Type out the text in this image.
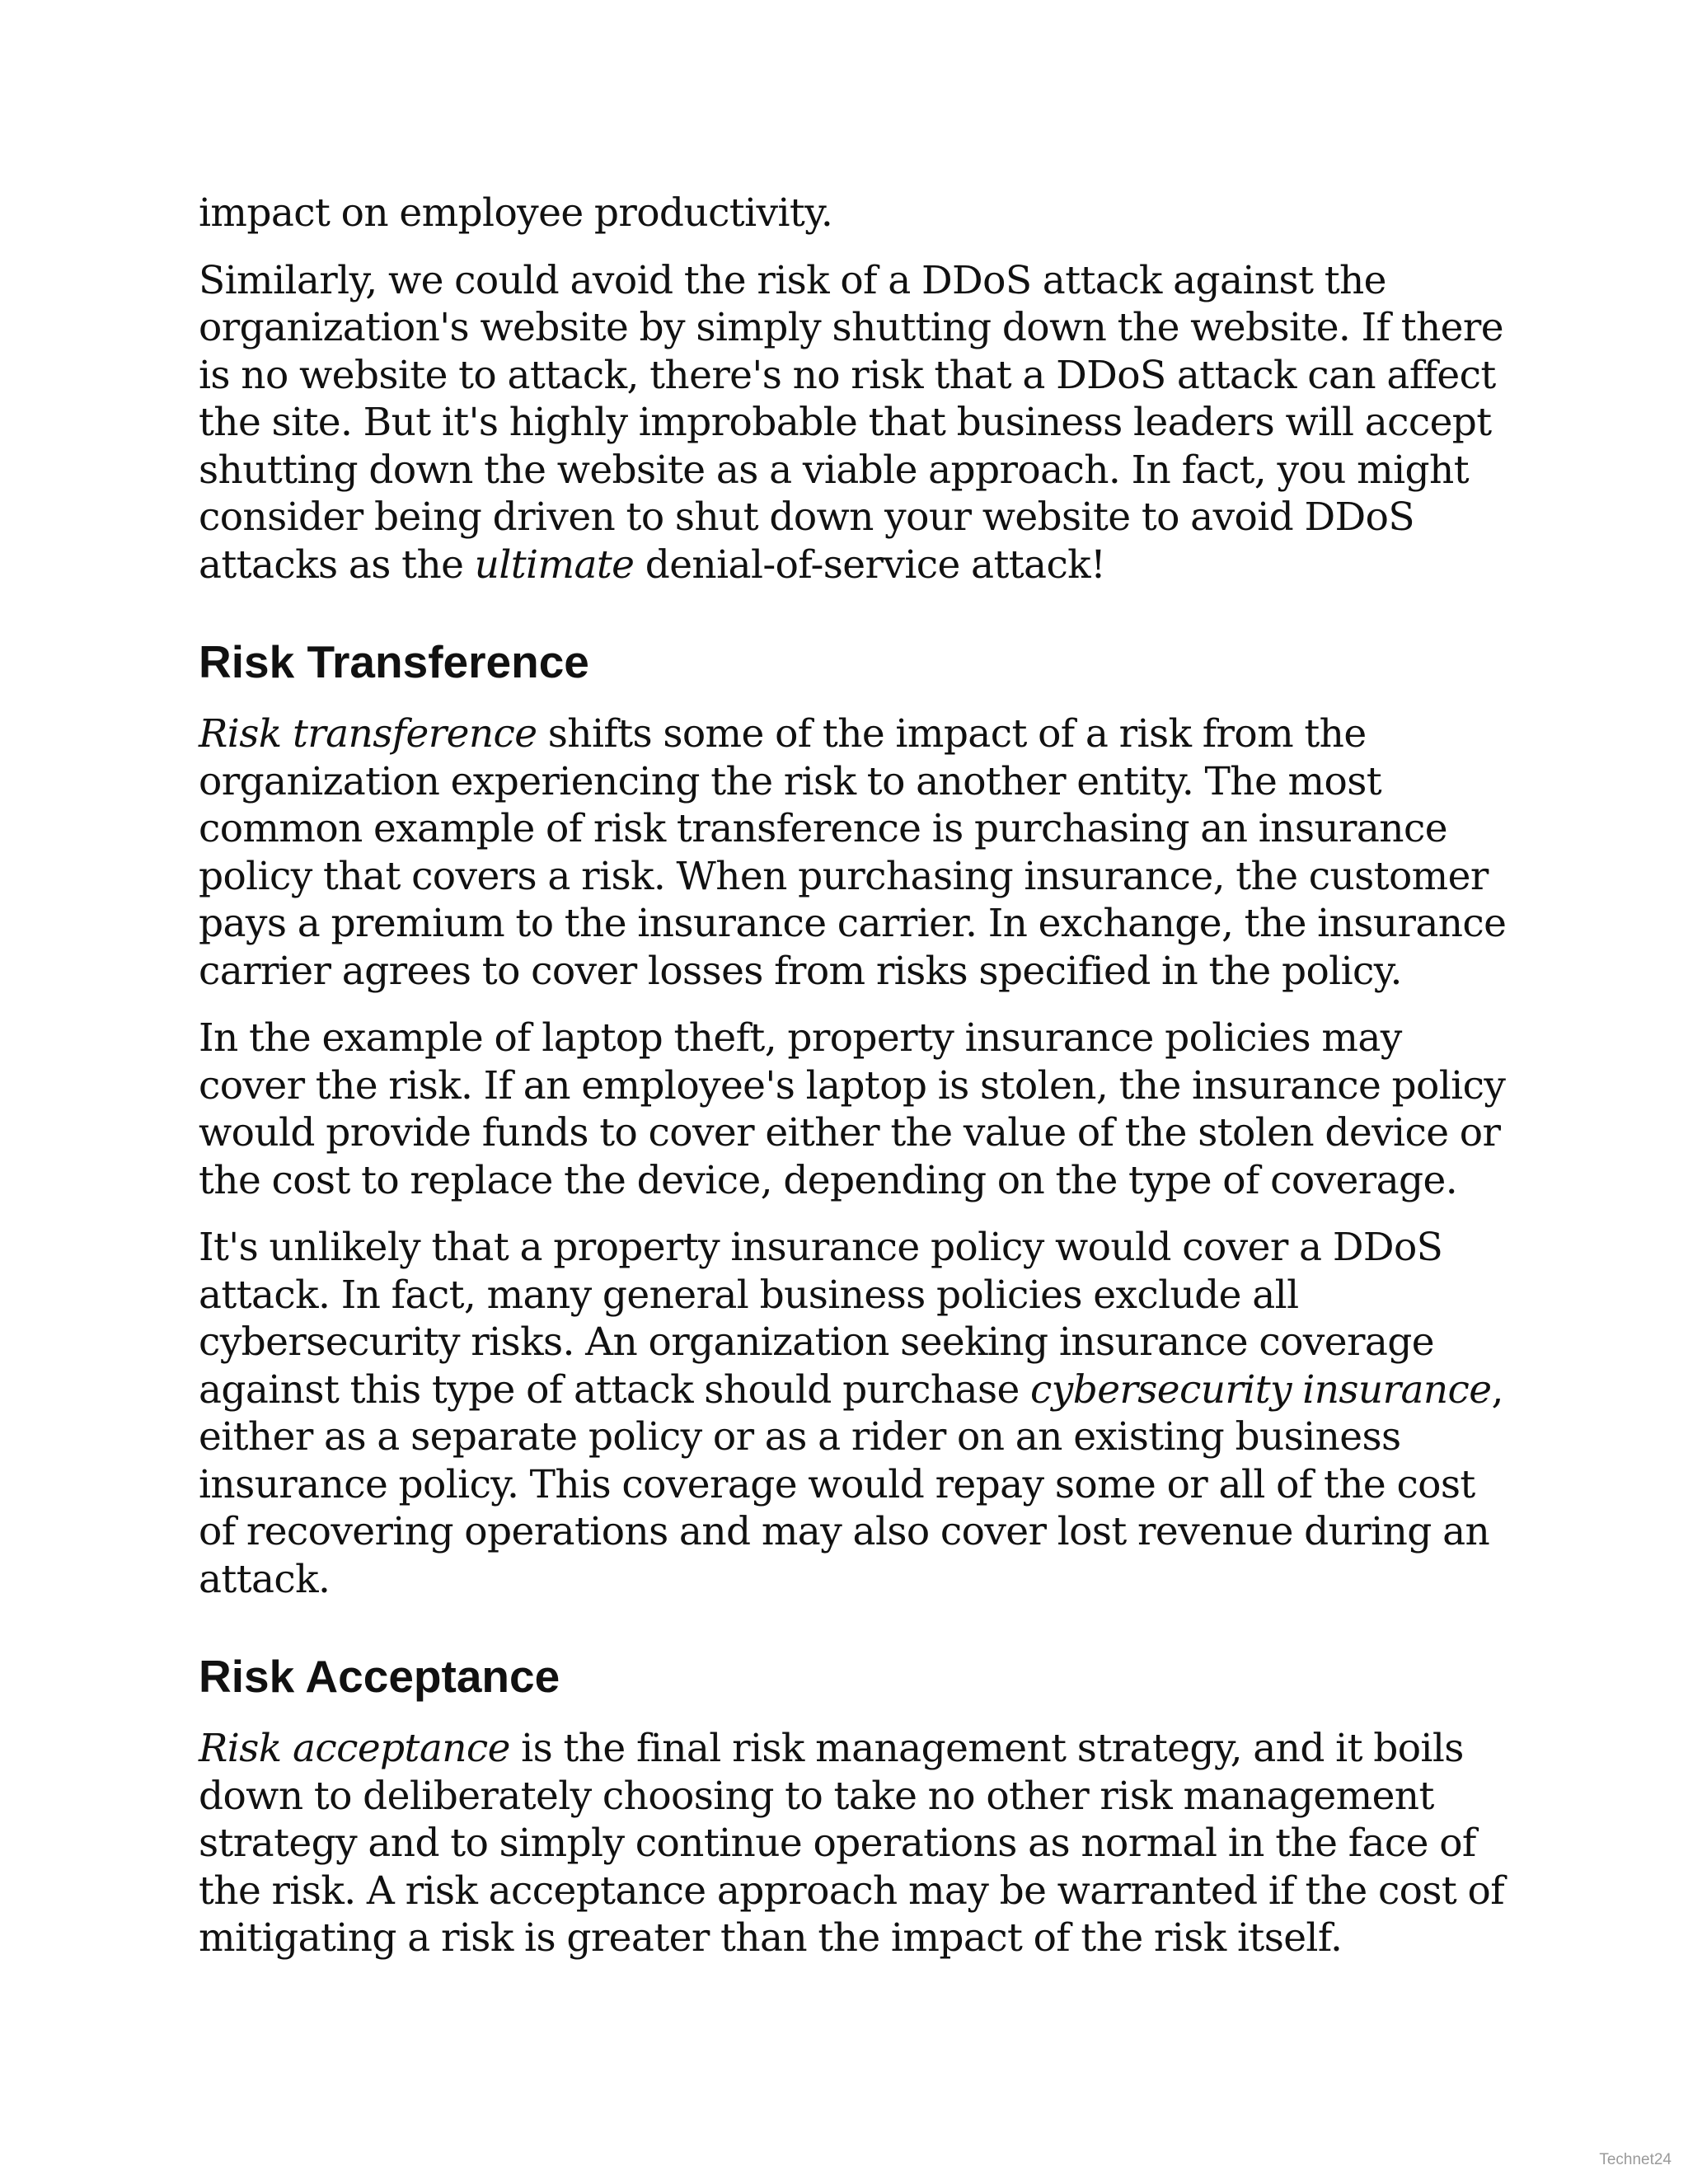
impact on employee productivity.

Similarly, we could avoid the risk of a DDoS attack against the organization's website by simply shutting down the website. If there is no website to attack, there's no risk that a DDoS attack can affect the site. But it's highly improbable that business leaders will accept shutting down the website as a viable approach. In fact, you might consider being driven to shut down your website to avoid DDoS attacks as the ultimate denial-of-service attack!

Risk Transference

Risk transference shifts some of the impact of a risk from the organization experiencing the risk to another entity. The most common example of risk transference is purchasing an insurance policy that covers a risk. When purchasing insurance, the customer pays a premium to the insurance carrier. In exchange, the insurance carrier agrees to cover losses from risks specified in the policy.

In the example of laptop theft, property insurance policies may cover the risk. If an employee's laptop is stolen, the insurance policy would provide funds to cover either the value of the stolen device or the cost to replace the device, depending on the type of coverage.

It's unlikely that a property insurance policy would cover a DDoS attack. In fact, many general business policies exclude all cybersecurity risks. An organization seeking insurance coverage against this type of attack should purchase cybersecurity insurance, either as a separate policy or as a rider on an existing business insurance policy. This coverage would repay some or all of the cost of recovering operations and may also cover lost revenue during an attack.

Risk Acceptance

Risk acceptance is the final risk management strategy, and it boils down to deliberately choosing to take no other risk management strategy and to simply continue operations as normal in the face of the risk. A risk acceptance approach may be warranted if the cost of mitigating a risk is greater than the impact of the risk itself.

Technet24
